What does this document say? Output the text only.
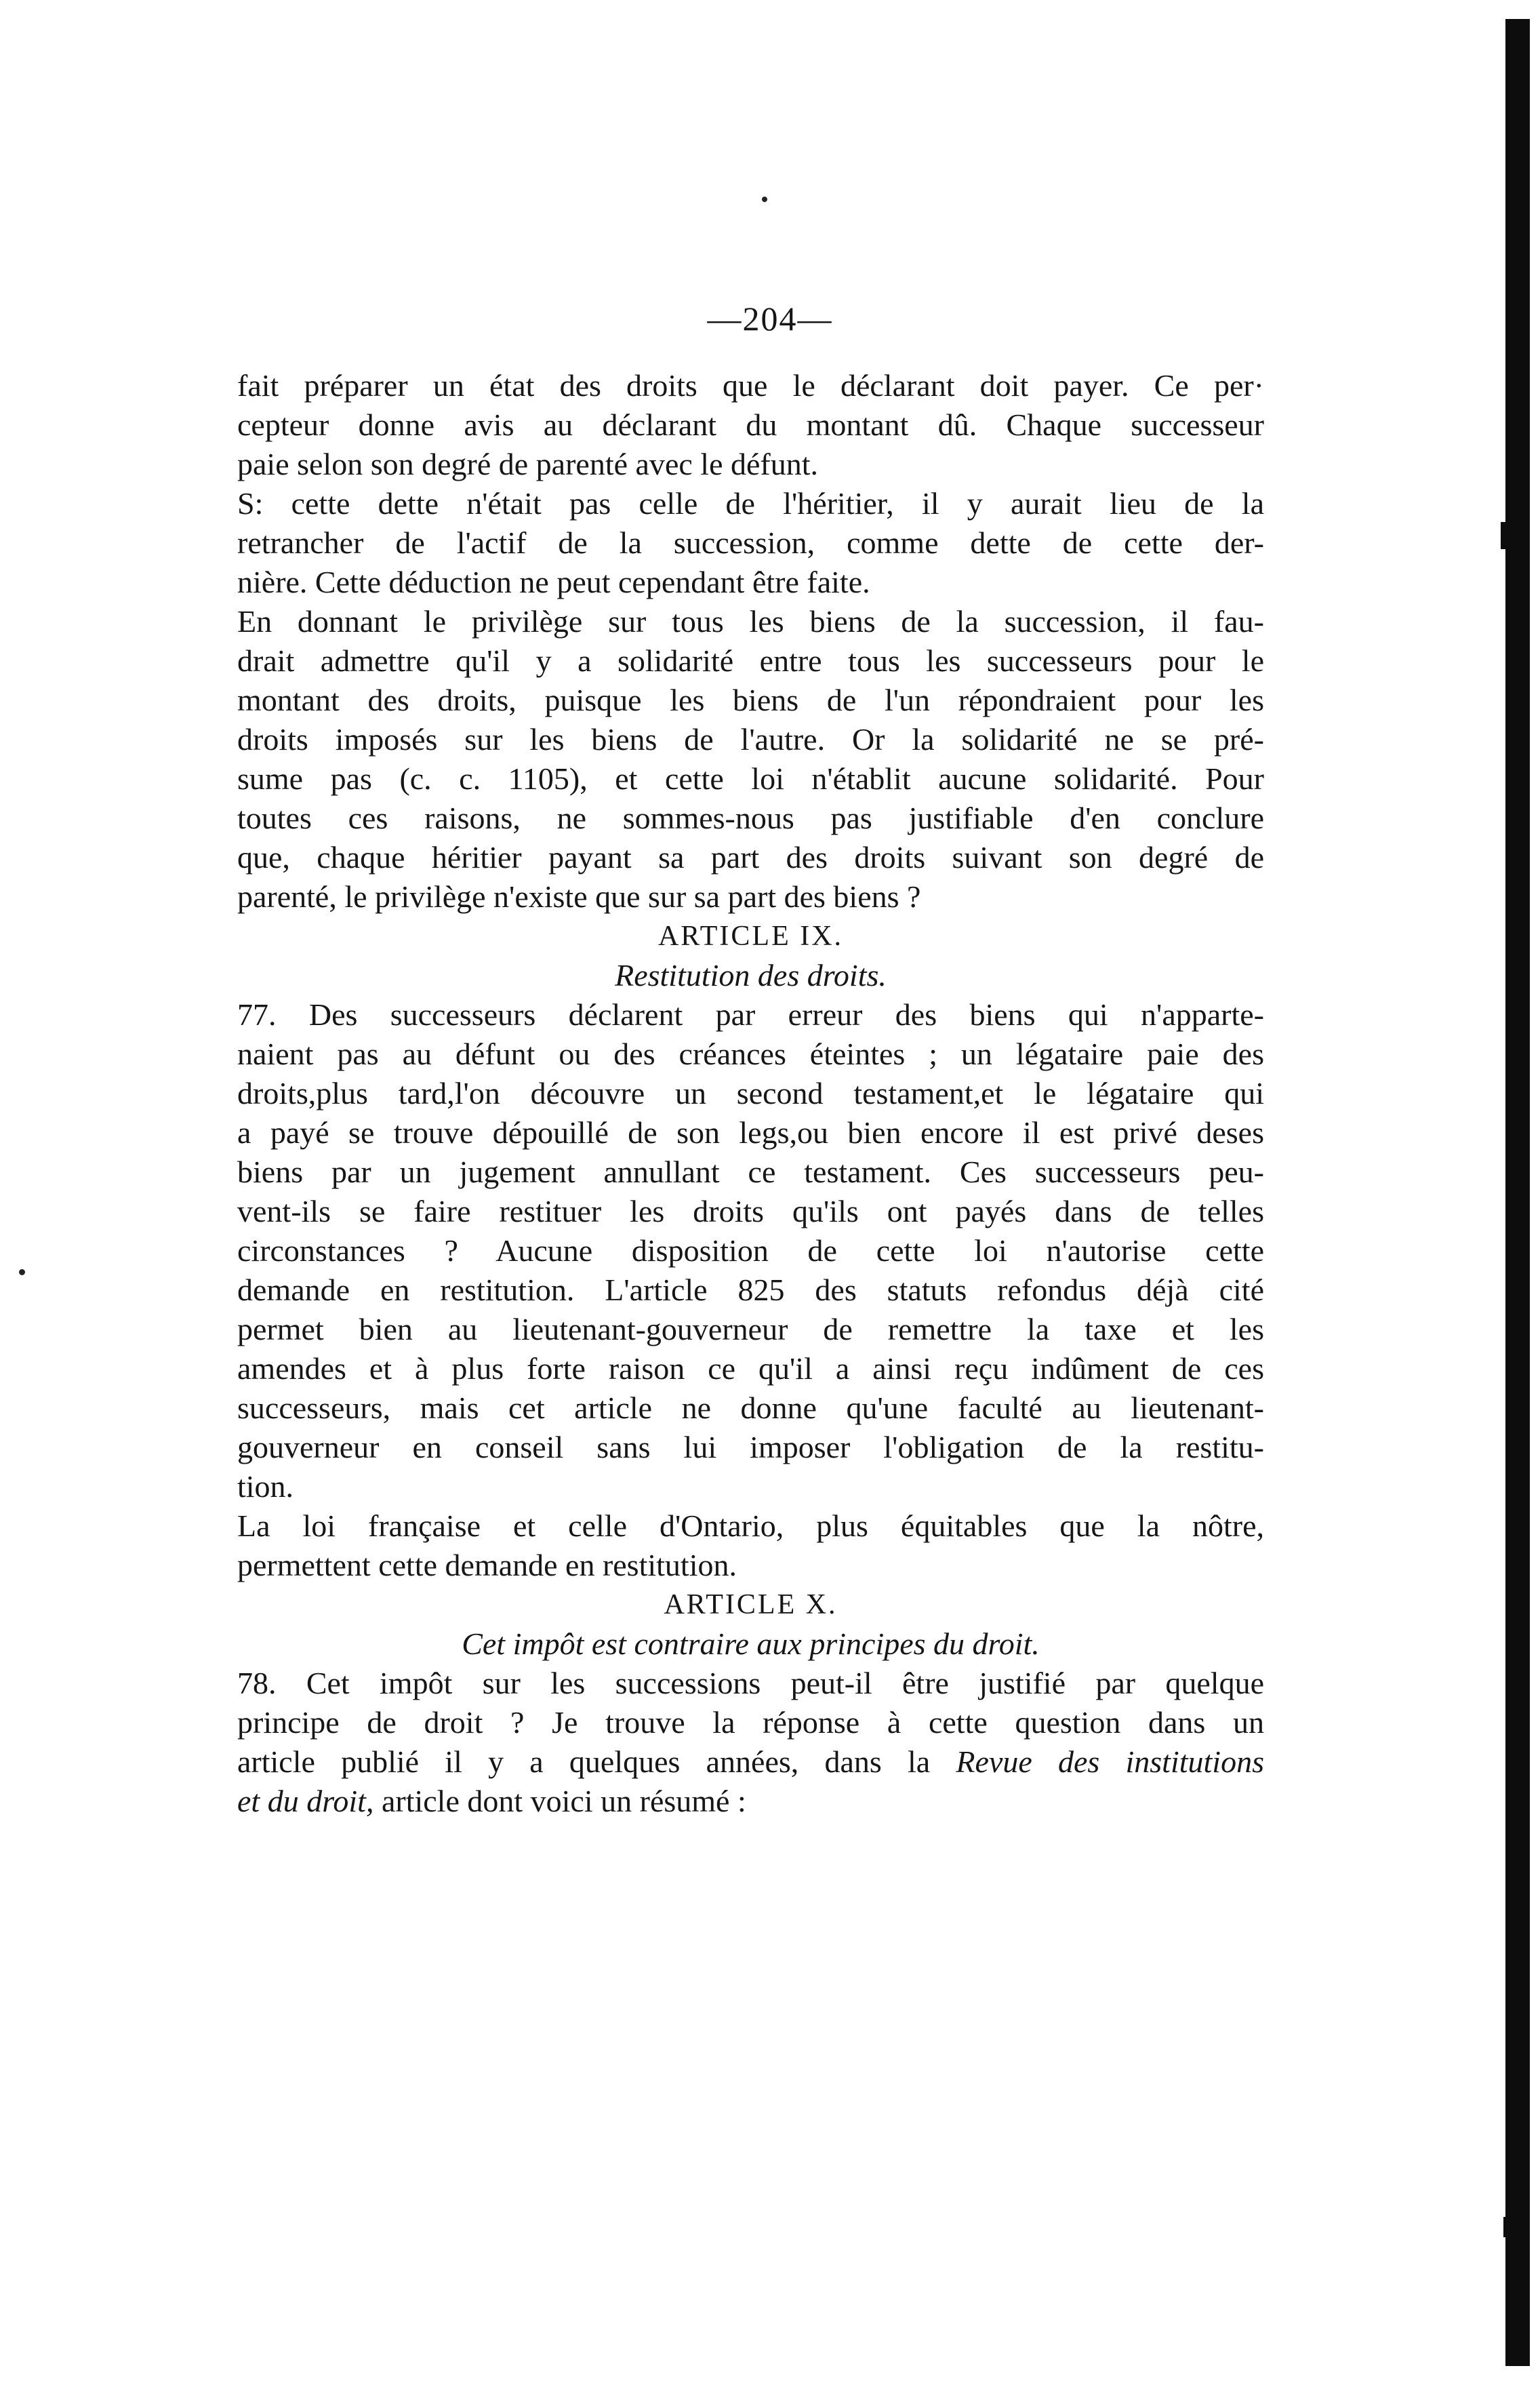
—204—

fait préparer un état des droits que le déclarant doit payer. Ce per·
cepteur donne avis au déclarant du montant dû. Chaque successeur
paie selon son degré de parenté avec le défunt.

S: cette dette n'était pas celle de l'héritier, il y aurait lieu de la
retrancher de l'actif de la succession, comme dette de cette der-
nière. Cette déduction ne peut cependant être faite.

En donnant le privilège sur tous les biens de la succession, il fau-
drait admettre qu'il y a solidarité entre tous les successeurs pour le
montant des droits, puisque les biens de l'un répondraient pour les
droits imposés sur les biens de l'autre. Or la solidarité ne se pré-
sume pas (c. c. 1105), et cette loi n'établit aucune solidarité. Pour
toutes ces raisons, ne sommes-nous pas justifiable d'en conclure
que, chaque héritier payant sa part des droits suivant son degré de
parenté, le privilège n'existe que sur sa part des biens ?

ARTICLE IX.

Restitution des droits.

77. Des successeurs déclarent par erreur des biens qui n'apparte-
naient pas au défunt ou des créances éteintes ; un légataire paie des
droits,plus tard,l'on découvre un second testament,et le légataire qui
a payé se trouve dépouillé de son legs,ou bien encore il est privé deses
biens par un jugement annullant ce testament. Ces successeurs peu-
vent-ils se faire restituer les droits qu'ils ont payés dans de telles
circonstances ? Aucune disposition de cette loi n'autorise cette
demande en restitution. L'article 825 des statuts refondus déjà cité
permet bien au lieutenant-gouverneur de remettre la taxe et les
amendes et à plus forte raison ce qu'il a ainsi reçu indûment de ces
successeurs, mais cet article ne donne qu'une faculté au lieutenant-
gouverneur en conseil sans lui imposer l'obligation de la restitu-
tion.

La loi française et celle d'Ontario, plus équitables que la nôtre,
permettent cette demande en restitution.

ARTICLE X.

Cet impôt est contraire aux principes du droit.

78. Cet impôt sur les successions peut-il être justifié par quelque
principe de droit ? Je trouve la réponse à cette question dans un
article publié il y a quelques années, dans la Revue des institutions
et du droit, article dont voici un résumé :
